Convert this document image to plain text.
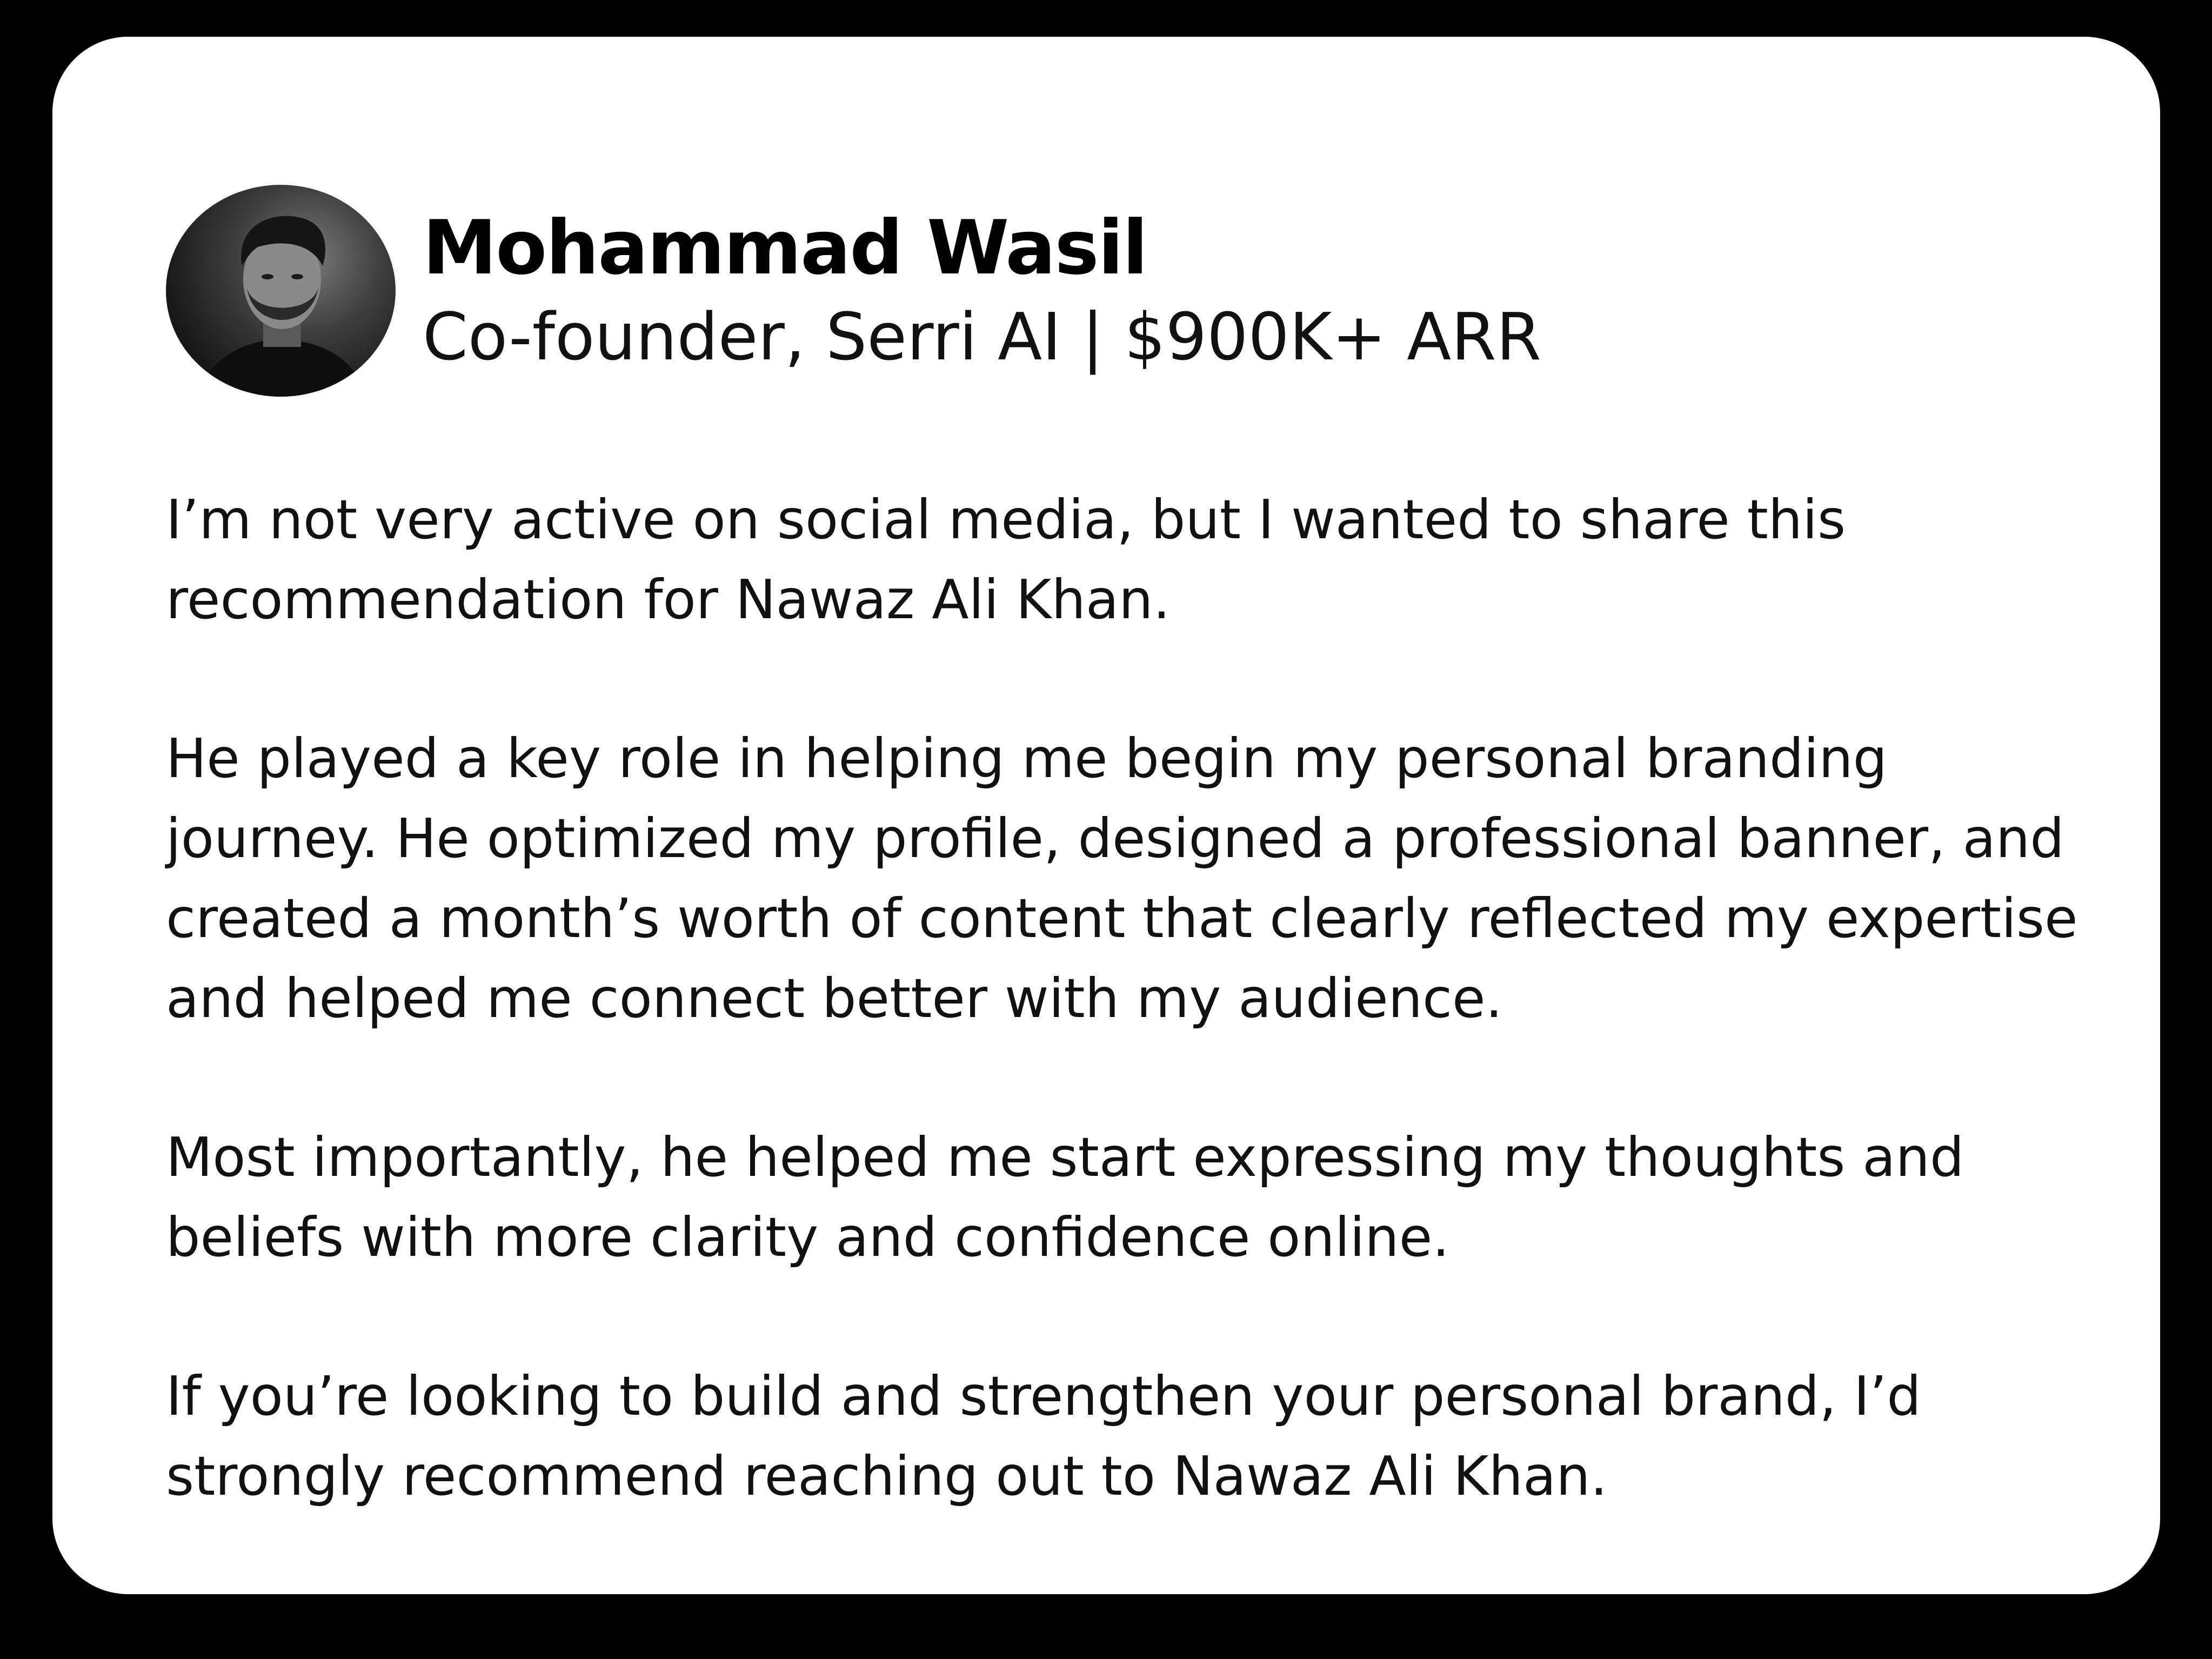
Mohammad Wasil
Co-founder, Serri AI | $900K+ ARR

I’m not very active on social media, but I wanted to share this recommendation for Nawaz Ali Khan.

He played a key role in helping me begin my personal branding journey. He optimized my profile, designed a professional banner, and created a month’s worth of content that clearly reflected my expertise and helped me connect better with my audience.

Most importantly, he helped me start expressing my thoughts and beliefs with more clarity and confidence online.

If you’re looking to build and strengthen your personal brand, I’d strongly recommend reaching out to Nawaz Ali Khan.
